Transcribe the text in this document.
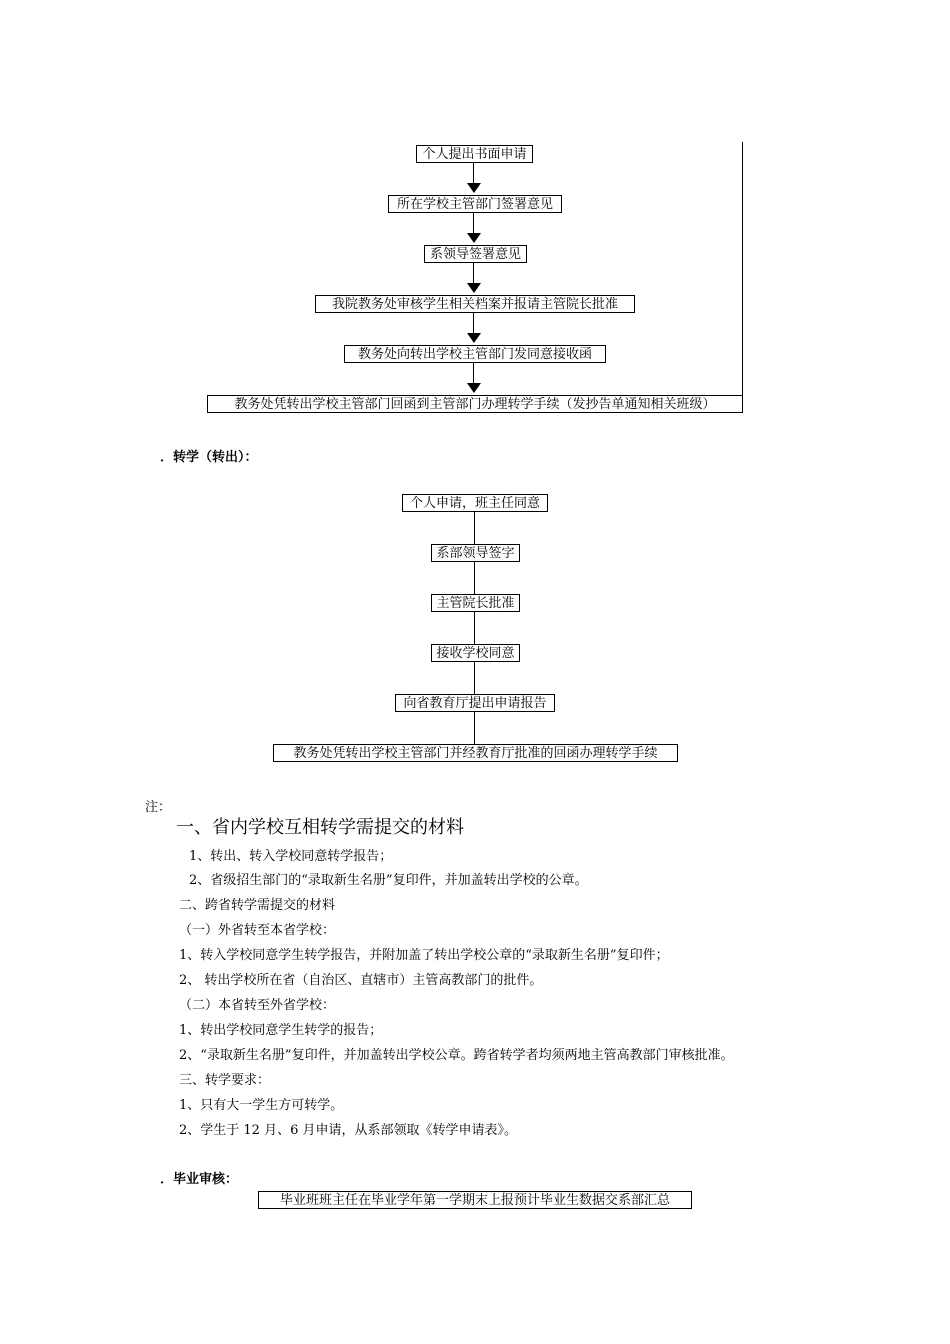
个人提出书面申请
所在学校主管部门签署意见
系领导签署意见
我院教务处审核学生相关档案并报请主管院长批准
教务处向转出学校主管部门发同意接收函
教务处凭转出学校主管部门回函到主管部门办理转学手续（发抄告单通知相关班级）
．转学（转出）：
个人申请，班主任同意
系部领导签字
主管院长批准
接收学校同意
向省教育厅提出申请报告
教务处凭转出学校主管部门并经教育厅批准的回函办理转学手续
注：
一、省内学校互相转学需提交的材料
1、转出、转入学校同意转学报告；
2、省级招生部门的“录取新生名册”复印件，并加盖转出学校的公章。
二、跨省转学需提交的材料
（一）外省转至本省学校：
1、转入学校同意学生转学报告，并附加盖了转出学校公章的“录取新生名册”复印件；
2、 转出学校所在省（自治区、直辖市）主管高教部门的批件。
（二）本省转至外省学校：
1、转出学校同意学生转学的报告；
2、“录取新生名册”复印件，并加盖转出学校公章。跨省转学者均须两地主管高教部门审核批准。
三、转学要求：
1、只有大一学生方可转学。
2、学生于 12 月、6 月申请，从系部领取《转学申请表》。
．毕业审核：
毕业班班主任在毕业学年第一学期末上报预计毕业生数据交系部汇总
